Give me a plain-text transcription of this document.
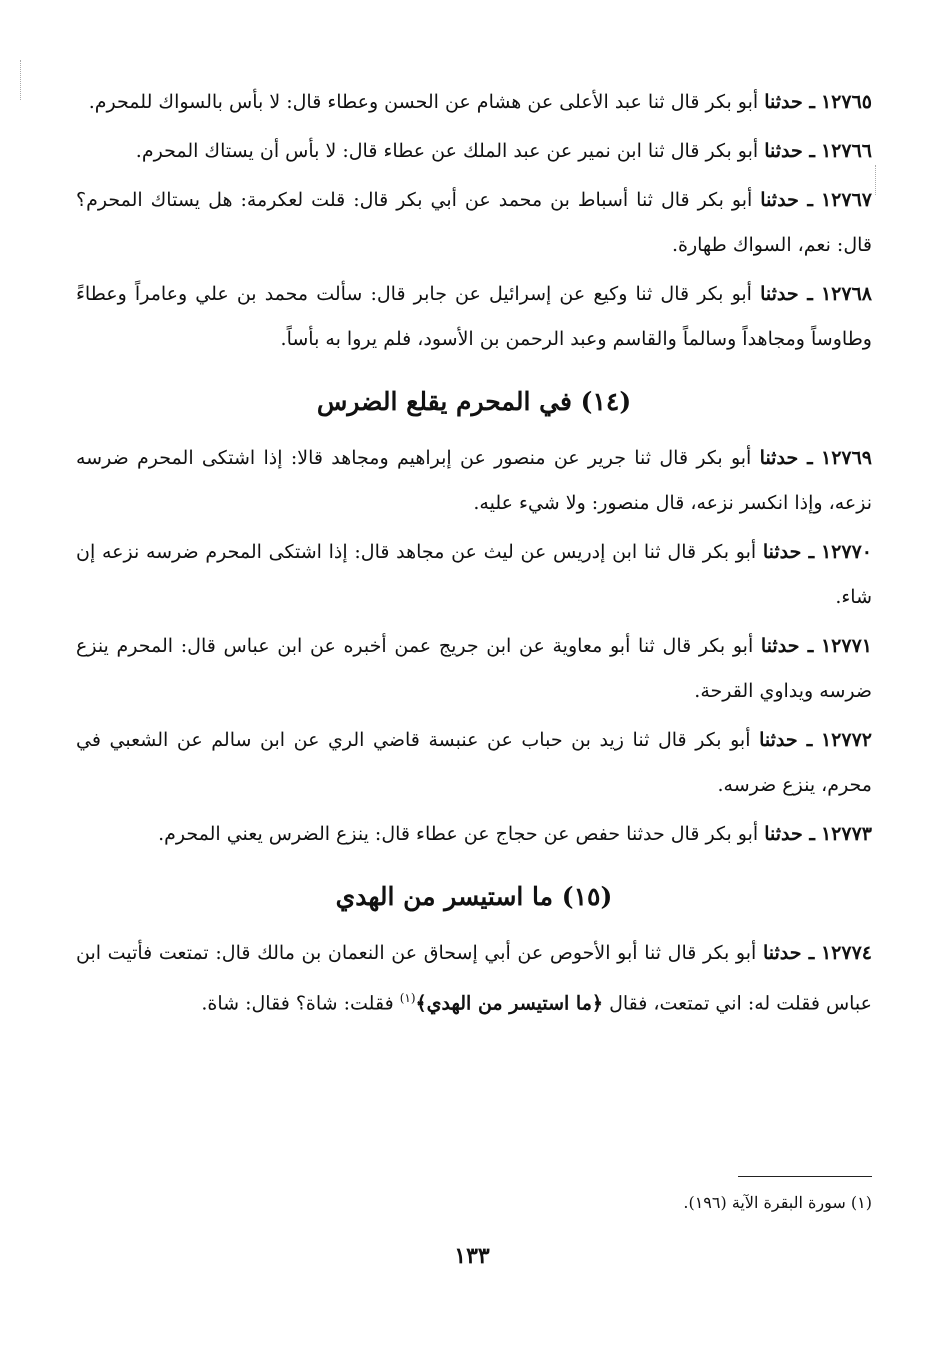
١٢٧٦٥ ـ حدثنا أبو بكر قال ثنا عبد الأعلى عن هشام عن الحسن وعطاء قال: لا بأس بالسواك للمحرم.

١٢٧٦٦ ـ حدثنا أبو بكر قال ثنا ابن نمير عن عبد الملك عن عطاء قال: لا بأس أن يستاك المحرم.

١٢٧٦٧ ـ حدثنا أبو بكر قال ثنا أسباط بن محمد عن أبي بكر قال: قلت لعكرمة: هل يستاك المحرم؟ قال: نعم، السواك طهارة.

١٢٧٦٨ ـ حدثنا أبو بكر قال ثنا وكيع عن إسرائيل عن جابر قال: سألت محمد بن علي وعامراً وعطاءً وطاوساً ومجاهداً وسالماً والقاسم وعبد الرحمن بن الأسود، فلم يروا به بأساً.

(١٤) في المحرم يقلع الضرس

١٢٧٦٩ ـ حدثنا أبو بكر قال ثنا جرير عن منصور عن إبراهيم ومجاهد قالا: إذا اشتكى المحرم ضرسه نزعه، وإذا انكسر نزعه، قال منصور: ولا شيء عليه.

١٢٧٧٠ ـ حدثنا أبو بكر قال ثنا ابن إدريس عن ليث عن مجاهد قال: إذا اشتكى المحرم ضرسه نزعه إن شاء.

١٢٧٧١ ـ حدثنا أبو بكر قال ثنا أبو معاوية عن ابن جريج عمن أخبره عن ابن عباس قال: المحرم ينزع ضرسه ويداوي القرحة.

١٢٧٧٢ ـ حدثنا أبو بكر قال ثنا زيد بن حباب عن عنبسة قاضي الري عن ابن سالم عن الشعبي في محرم، ينزع ضرسه.

١٢٧٧٣ ـ حدثنا أبو بكر قال حدثنا حفص عن حجاج عن عطاء قال: ينزع الضرس يعني المحرم.

(١٥) ما استيسر من الهدي

١٢٧٧٤ ـ حدثنا أبو بكر قال ثنا أبو الأحوص عن أبي إسحاق عن النعمان بن مالك قال: تمتعت فأتيت ابن عباس فقلت له: اني تمتعت، فقال ﴿ما استيسر من الهدي﴾$^{(١)}$ فقلت: شاة؟ فقال: شاة.

(١) سورة البقرة الآية (١٩٦).
١٣٣
